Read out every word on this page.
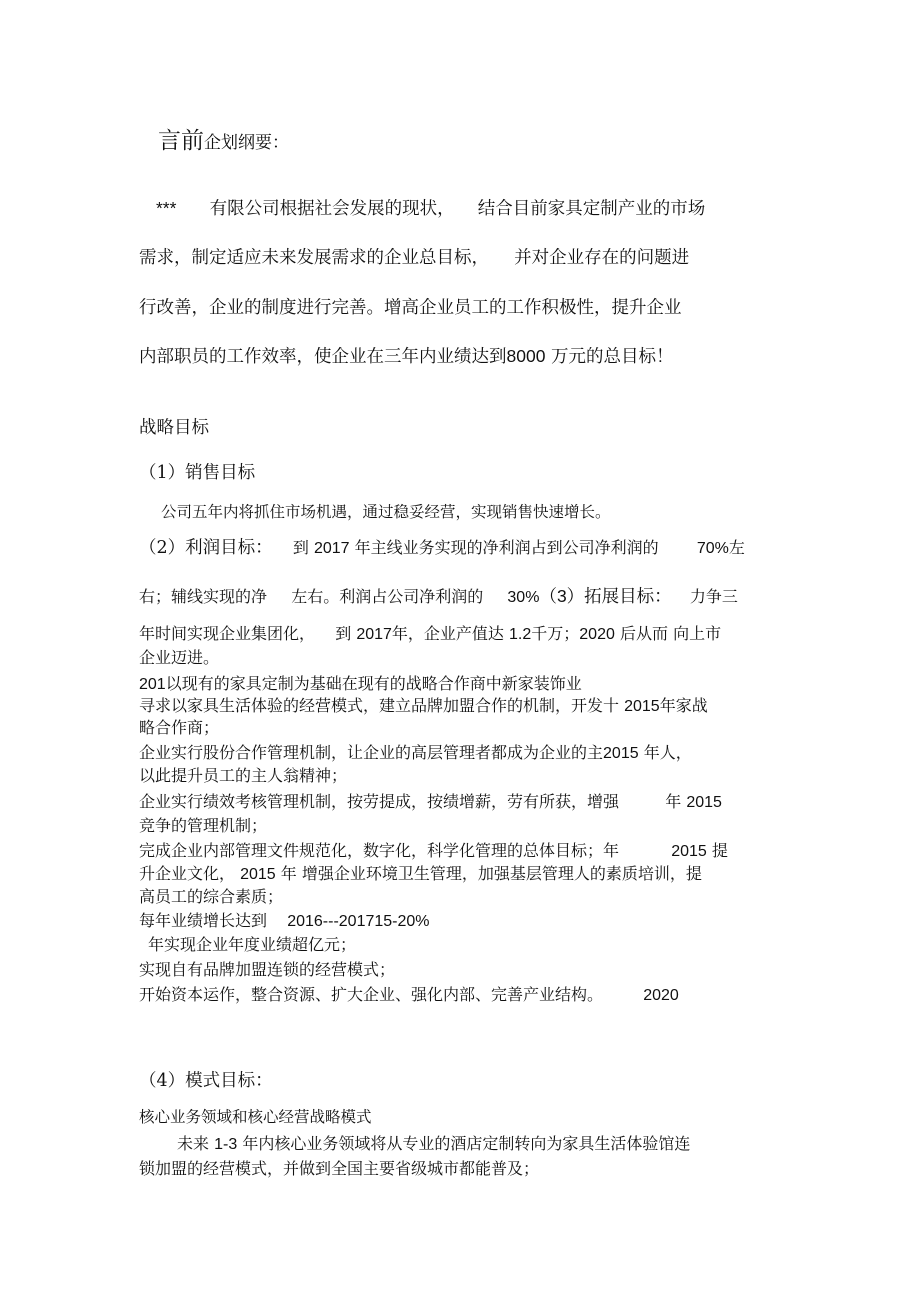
言前企划纲要：
*** 有限公司根据社会发展的现状， 结合目前家具定制产业的市场
需求，制定适应未来发展需求的企业总目标， 并对企业存在的问题进
行改善，企业的制度进行完善。增高企业员工的工作积极性，提升企业
内部职员的工作效率，使企业在三年内业绩达到8000 万元的总目标！
战略目标
（1）销售目标
公司五年内将抓住市场机遇，通过稳妥经营，实现销售快速增长。
（2）利润目标： 到 2017 年主线业务实现的净利润占到公司净利润的 70%左
右；辅线实现的净 左右。利润占公司净利润的 30%（3）拓展目标： 力争三
年时间实现企业集团化， 到 2017年，企业产值达 1.2千万；2020 后从而 向上市
企业迈进。
201以现有的家具定制为基础在现有的战略合作商中新家装饰业
寻求以家具生活体验的经营模式，建立品牌加盟合作的机制，开发十 2015年家战
略合作商；
企业实行股份合作管理机制，让企业的高层管理者都成为企业的主2015 年人，
以此提升员工的主人翁精神；
企业实行绩效考核管理机制，按劳提成，按绩增薪，劳有所获，增强	年 2015
竞争的管理机制；
完成企业内部管理文件规范化，数字化，科学化管理的总体目标；年	2015 提
升企业文化， 2015 年 增强企业环境卫生管理，加强基层管理人的素质培训，提
高员工的综合素质；
每年业绩增长达到 2016---201715-20%
年实现企业年度业绩超亿元；
实现自有品牌加盟连锁的经营模式；
开始资本运作，整合资源、扩大企业、强化内部、完善产业结构。	2020
（4）模式目标：
核心业务领域和核心经营战略模式
未来 1-3 年内核心业务领域将从专业的酒店定制转向为家具生活体验馆连
锁加盟的经营模式，并做到全国主要省级城市都能普及；
